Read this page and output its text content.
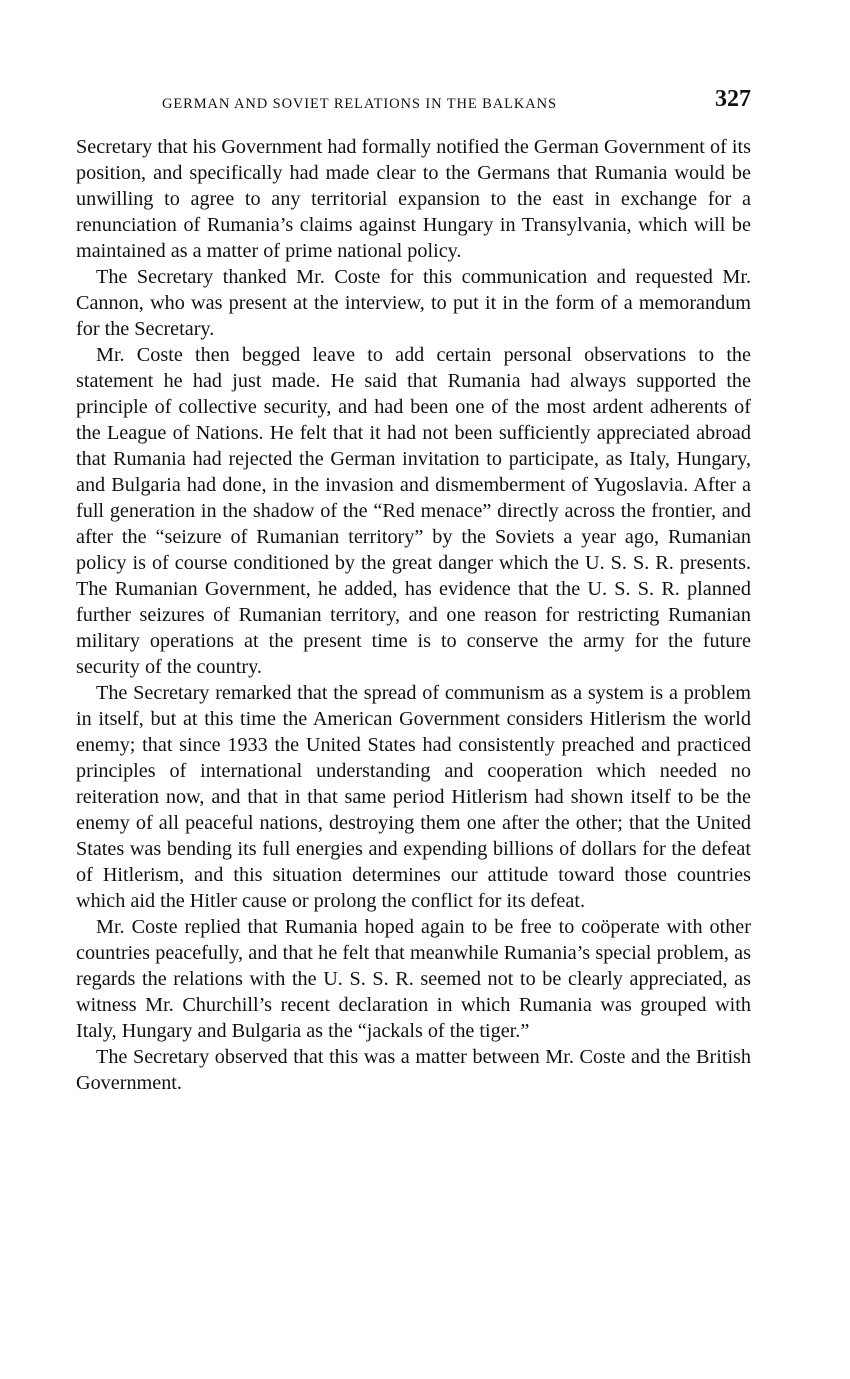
GERMAN AND SOVIET RELATIONS IN THE BALKANS	327

Secretary that his Government had formally notified the German Government of its position, and specifically had made clear to the Germans that Rumania would be unwilling to agree to any territorial expansion to the east in exchange for a renunciation of Rumania’s claims against Hungary in Transylvania, which will be maintained as a matter of prime national policy.

The Secretary thanked Mr. Coste for this communication and requested Mr. Cannon, who was present at the interview, to put it in the form of a memorandum for the Secretary.

Mr. Coste then begged leave to add certain personal observations to the statement he had just made. He said that Rumania had always supported the principle of collective security, and had been one of the most ardent adherents of the League of Nations. He felt that it had not been sufficiently appreciated abroad that Rumania had rejected the German invitation to participate, as Italy, Hungary, and Bulgaria had done, in the invasion and dismemberment of Yugoslavia. After a full generation in the shadow of the “Red menace” directly across the frontier, and after the “seizure of Rumanian territory” by the Soviets a year ago, Rumanian policy is of course conditioned by the great danger which the U. S. S. R. presents. The Rumanian Government, he added, has evidence that the U. S. S. R. planned further seizures of Rumanian territory, and one reason for restricting Rumanian military operations at the present time is to conserve the army for the future security of the country.

The Secretary remarked that the spread of communism as a system is a problem in itself, but at this time the American Government considers Hitlerism the world enemy; that since 1933 the United States had consistently preached and practiced principles of international understanding and cooperation which needed no reiteration now, and that in that same period Hitlerism had shown itself to be the enemy of all peaceful nations, destroying them one after the other; that the United States was bending its full energies and expending billions of dollars for the defeat of Hitlerism, and this situation determines our attitude toward those countries which aid the Hitler cause or prolong the conflict for its defeat.

Mr. Coste replied that Rumania hoped again to be free to coöperate with other countries peacefully, and that he felt that meanwhile Rumania’s special problem, as regards the relations with the U. S. S. R. seemed not to be clearly appreciated, as witness Mr. Churchill’s recent declaration in which Rumania was grouped with Italy, Hungary and Bulgaria as the “jackals of the tiger.”

The Secretary observed that this was a matter between Mr. Coste and the British Government.
